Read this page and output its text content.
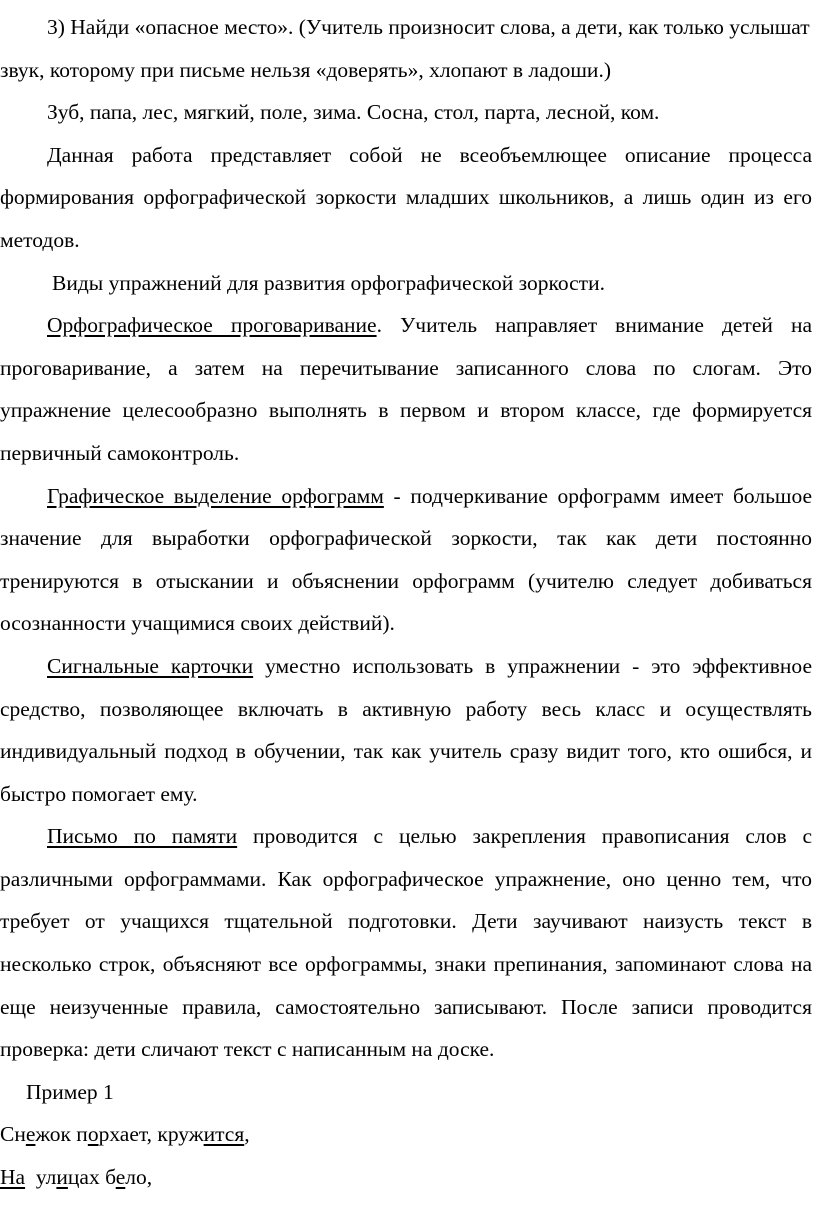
3) Найди «опасное место». (Учитель произносит слова, а дети, как только услышат звук, которому при письме нельзя «доверять», хлопают в ладоши.)

Зуб, папа, лес, мягкий, поле, зима. Сосна, стол, парта, лесной, ком.

Данная работа представляет собой не всеобъемлющее описание процесса формирования орфографической зоркости младших школьников, а лишь один из его методов.

Виды упражнений для развития орфографической зоркости.

Орфографическое проговаривание. Учитель направляет внимание детей на проговаривание, а затем на перечитывание записанного слова по слогам. Это упражнение целесообразно выполнять в первом и втором классе, где формируется первичный самоконтроль.

Графическое выделение орфограмм - подчеркивание орфограмм имеет большое значение для выработки орфографической зоркости, так как дети постоянно тренируются в отыскании и объяснении орфограмм (учителю следует добиваться осознанности учащимися своих действий).

Сигнальные карточки уместно использовать в упражнении - это эффективное средство, позволяющее включать в активную работу весь класс и осуществлять индивидуальный подход в обучении, так как учитель сразу видит того, кто ошибся, и быстро помогает ему.

Письмо по памяти проводится с целью закрепления правописания слов с различными орфограммами. Как орфографическое упражнение, оно ценно тем, что требует от учащихся тщательной подготовки. Дети заучивают наизусть текст в несколько строк, объясняют все орфограммы, знаки препинания, запоминают слова на еще неизученные правила, самостоятельно записывают. После записи проводится проверка: дети сличают текст с написанным на доске.

Пример 1

Снежок порхает, кружится,
На  улицах бело,
